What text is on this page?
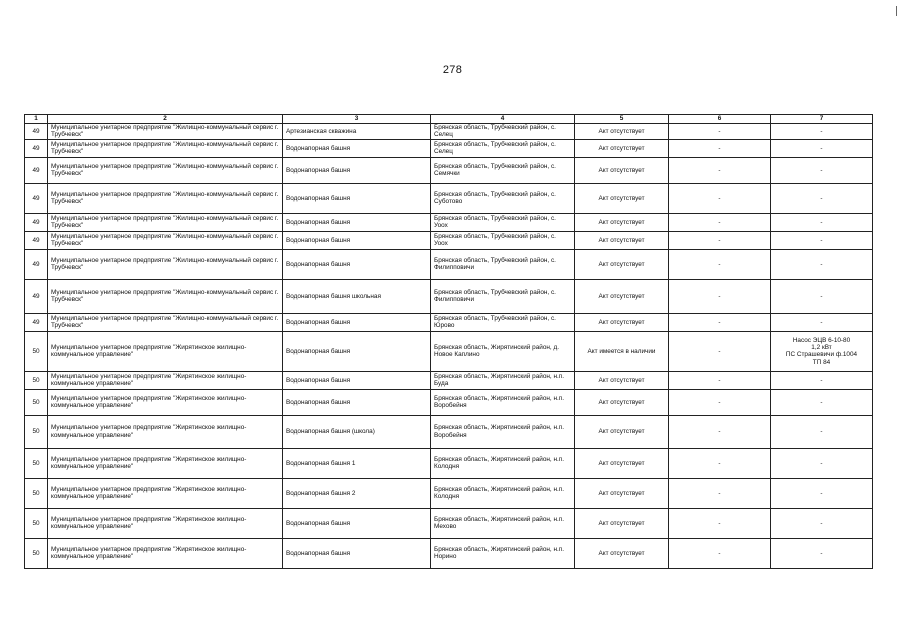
278
1	2	3	4	5	6	7
49	Муниципальное унитарное предприятие "Жилищно-коммунальный сервис г. Трубчевск"	Артезианская скважина	Брянская область, Трубчевский район, с. Селец	Акт отсутствует	-	-
49	Муниципальное унитарное предприятие "Жилищно-коммунальный сервис г. Трубчевск"	Водонапорная башня	Брянская область, Трубчевский район, с. Селец	Акт отсутствует	-	-
49	Муниципальное унитарное предприятие "Жилищно-коммунальный сервис г. Трубчевск"	Водонапорная башня	Брянская область, Трубчевский район, с. Семячки	Акт отсутствует	-	-
49	Муниципальное унитарное предприятие "Жилищно-коммунальный сервис г. Трубчевск"	Водонапорная башня	Брянская область, Трубчевский район, с. Суботово	Акт отсутствует	-	-
49	Муниципальное унитарное предприятие "Жилищно-коммунальный сервис г. Трубчевск"	Водонапорная башня	Брянская область, Трубчевский район, с. Уоох	Акт отсутствует	-	-
49	Муниципальное унитарное предприятие "Жилищно-коммунальный сервис г. Трубчевск"	Водонапорная башня	Брянская область, Трубчевский район, с. Уоох	Акт отсутствует	-	-
49	Муниципальное унитарное предприятие "Жилищно-коммунальный сервис г. Трубчевск"	Водонапорная башня	Брянская область, Трубчевский район, с. Филипповичи	Акт отсутствует	-	-
49	Муниципальное унитарное предприятие "Жилищно-коммунальный сервис г. Трубчевск"	Водонапорная башня школьная	Брянская область, Трубчевский район, с. Филипповичи	Акт отсутствует	-	-
49	Муниципальное унитарное предприятие "Жилищно-коммунальный сервис г. Трубчевск"	Водонапорная башня	Брянская область, Трубчевский район, с. Юрово	Акт отсутствует	-	-
50	Муниципальное унитарное предприятие "Жирятинское жилищно-коммунальное управление"	Водонапорная башня	Брянская область, Жирятинский район, д. Новое Каплино	Акт имеется в наличии	-	Насос ЭЦВ 6-10-80
1,2 кВт
ПС Страшевичи ф.1004
ТП 84

50	Муниципальное унитарное предприятие "Жирятинское жилищно-коммунальное управление"	Водонапорная башня	Брянская область, Жирятинский район, н.п. Буда	Акт отсутствует	-	-
50	Муниципальное унитарное предприятие "Жирятинское жилищно-коммунальное управление"	Водонапорная башня	Брянская область, Жирятинский район, н.п. Воробейня	Акт отсутствует	-	-
50	Муниципальное унитарное предприятие "Жирятинское жилищно-коммунальное управление"	Водонапорная башня (школа)	Брянская область, Жирятинский район, н.п. Воробейня	Акт отсутствует	-	-
50	Муниципальное унитарное предприятие "Жирятинское жилищно-коммунальное управление"	Водонапорная башня 1	Брянская область, Жирятинский район, н.п. Колодня	Акт отсутствует	-	-
50	Муниципальное унитарное предприятие "Жирятинское жилищно-коммунальное управление"	Водонапорная башня 2	Брянская область, Жирятинский район, н.п. Колодня	Акт отсутствует	-	-
50	Муниципальное унитарное предприятие "Жирятинское жилищно-коммунальное управление"	Водонапорная башня	Брянская область, Жирятинский район, н.п. Мехово	Акт отсутствует	-	-
50	Муниципальное унитарное предприятие "Жирятинское жилищно-коммунальное управление"	Водонапорная башня	Брянская область, Жирятинский район, н.п. Норино	Акт отсутствует	-	-
